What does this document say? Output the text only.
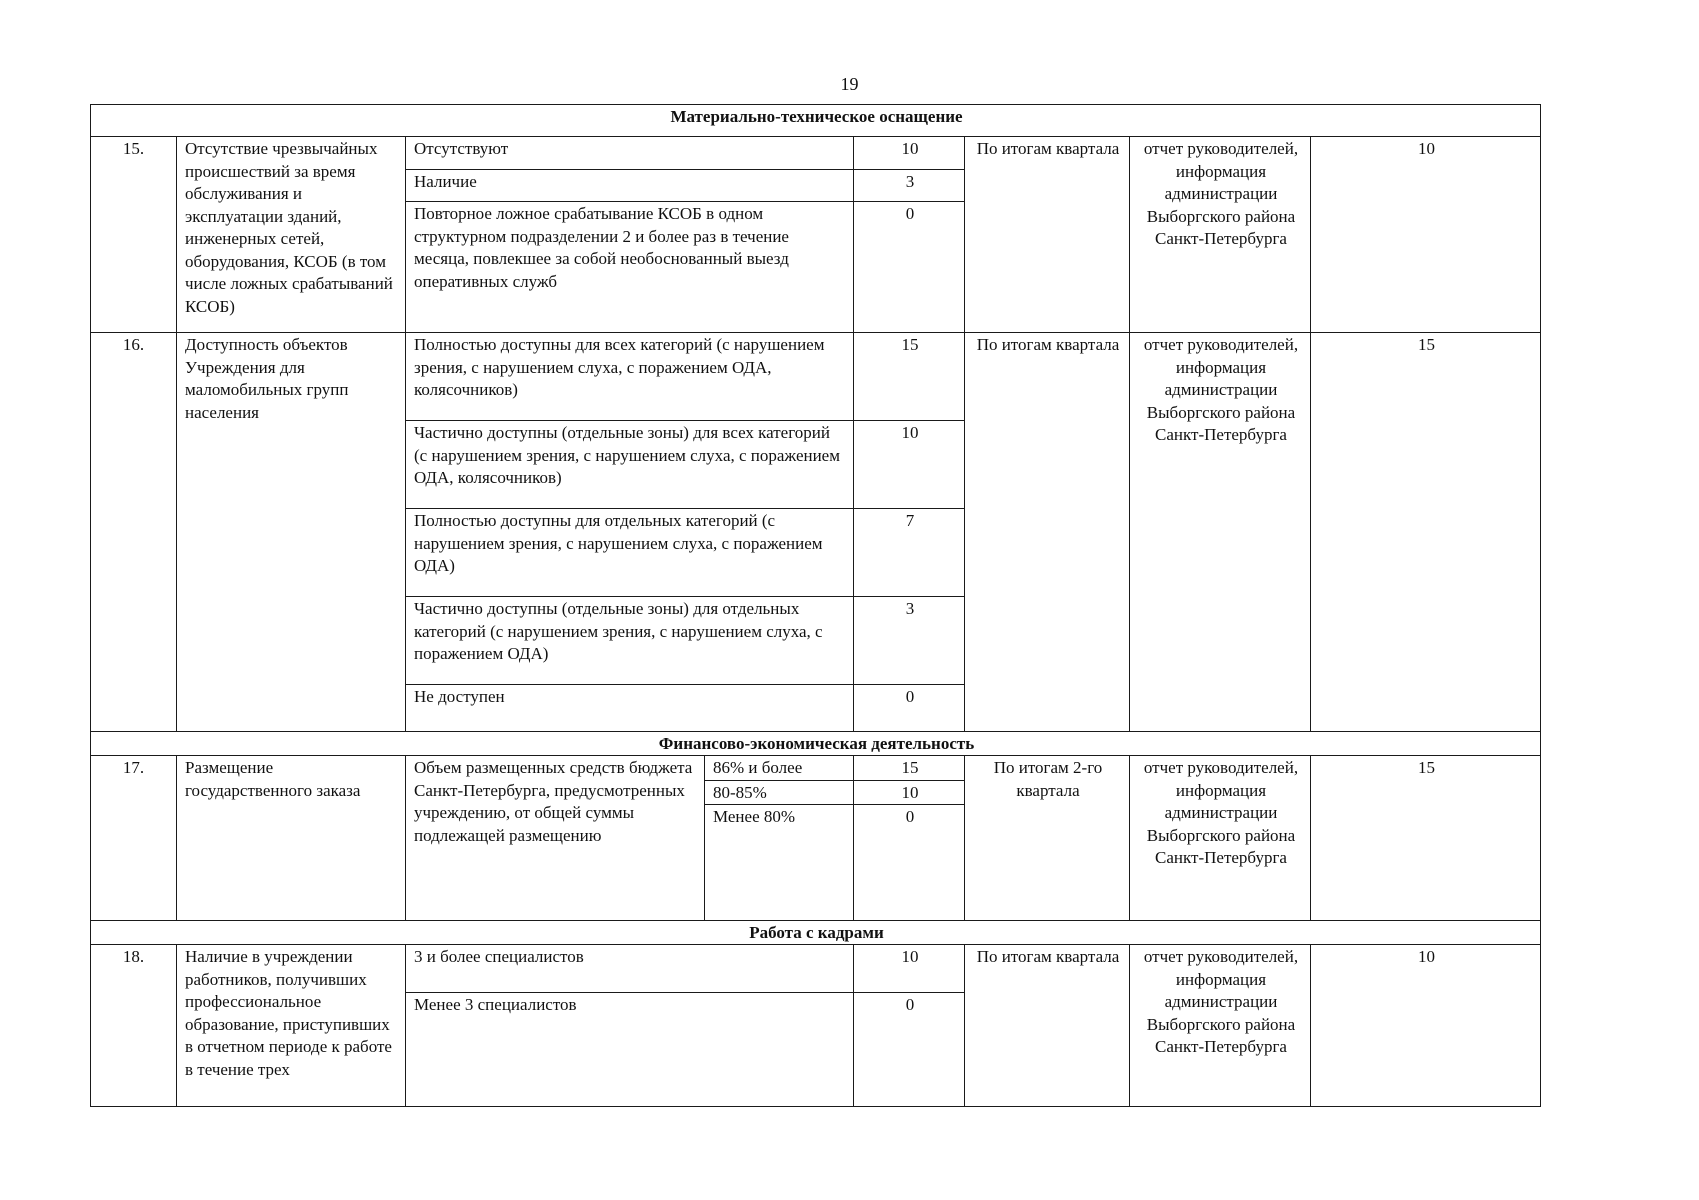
19
Материально-техническое оснащение							
15.	Отсутствие чрезвычайных происшествий за время обслуживания и эксплуатации зданий, инженерных сетей, оборудования, КСОБ (в том числе ложных срабатываний КСОБ)	Отсутствуют		10	По итогам квартала	отчет руководителей, информация администрации Выборгского района Санкт-Петербурга	10
		Наличие		3			
		Повторное ложное срабатывание КСОБ в одном структурном подразделении 2 и более раз в течение месяца, повлекшее за собой необоснованный выезд оперативных служб		0			
16.	Доступность объектов Учреждения для маломобильных групп населения	Полностью доступны для всех категорий (с нарушением зрения, с нарушением слуха, с поражением ОДА, колясочников)		15	По итогам квартала	отчет руководителей, информация администрации Выборгского района Санкт-Петербурга	15
		Частично доступны (отдельные зоны) для всех категорий (с нарушением зрения, с нарушением слуха, с поражением ОДА, колясочников)		10			
		Полностью доступны для отдельных категорий (с нарушением зрения, с нарушением слуха, с поражением ОДА)		7			
		Частично доступны (отдельные зоны) для отдельных категорий (с нарушением зрения, с нарушением слуха, с поражением ОДА)		3			
		Не доступен		0			
Финансово-экономическая деятельность							
17.	Размещение государственного заказа	Объем размещенных средств бюджета Санкт-Петербурга, предусмотренных учреждению, от общей суммы подлежащей размещению	86% и более	15	По итогам 2-го квартала	отчет руководителей, информация администрации Выборгского района Санкт-Петербурга	15
			80-85%	10			
			Менее 80%	0			
Работа с кадрами							
18.	Наличие в учреждении работников, получивших профессиональное образование, приступивших в отчетном периоде к работе в течение трех	3 и более специалистов		10	По итогам квартала	отчет руководителей, информация администрации Выборгского района Санкт-Петербурга	10
		Менее 3 специалистов		0			
